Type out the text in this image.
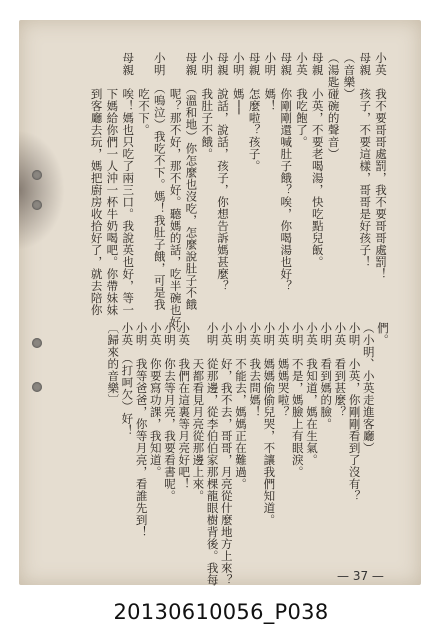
小英　我不要哥哥處罰，我不要哥哥處罰！
母親　孩子，不要這樣，哥哥是好孩子！
（音樂）
（湯匙碰碗的聲音）
母親　小英，不要老喝湯，快吃點兒飯。
小英　我吃飽了。
母親　你剛剛還喊肚子餓？唉，你喝湯也好？
小明　媽！
母親　怎麼啦？孩子。
小明　媽──
母親　說話，說話，孩子，你想告訴媽甚麼？
小明　我肚子不餓。
母親　（溫和地）你怎麼也沒吃，怎麼說肚子不餓
　　　呢？那不好，那不好。聽媽的話，吃半碗也好。
小明　（嗚泣）我吃不下。媽！我肚子餓，可是我
　　　吃不下。
母親　唉！媽也只吃了兩三口。我說英也好，等一
　　　下媽給你們一人沖一杯牛奶喝吧。你帶妹妹
　　　到客廳去玩，媽把廚房收拾好了，就去陪你
們。
（小明、小英走進客廳）
小明　小英，你剛剛看到了沒有？
小英　看到甚麼？
小明　看到媽的臉。
小英　我知道，媽在生氣。
小明　不是，媽臉上有眼淚。
小英　媽媽哭啦？
小明　媽媽偷偷兒哭，不讓我們知道。
小英　我去問媽！
小明　不能去，媽媽正在難過。
小英　好，我不去，哥哥，月亮從什麼地方上來？
小明　從那邊，從李伯伯家那棵龍眼樹背後。我每
　　　天都看見月亮從那邊上來。
小英　我們在這裏等月亮好吧！
小明　你去等月亮，我要看書呢。
小英　你要寫功課，我知道。
小明　我等爸爸，你等月亮，看誰先到！
小英　（打呵欠）好！
〔歸來的音樂〕
— 37 —
20130610056_P038
